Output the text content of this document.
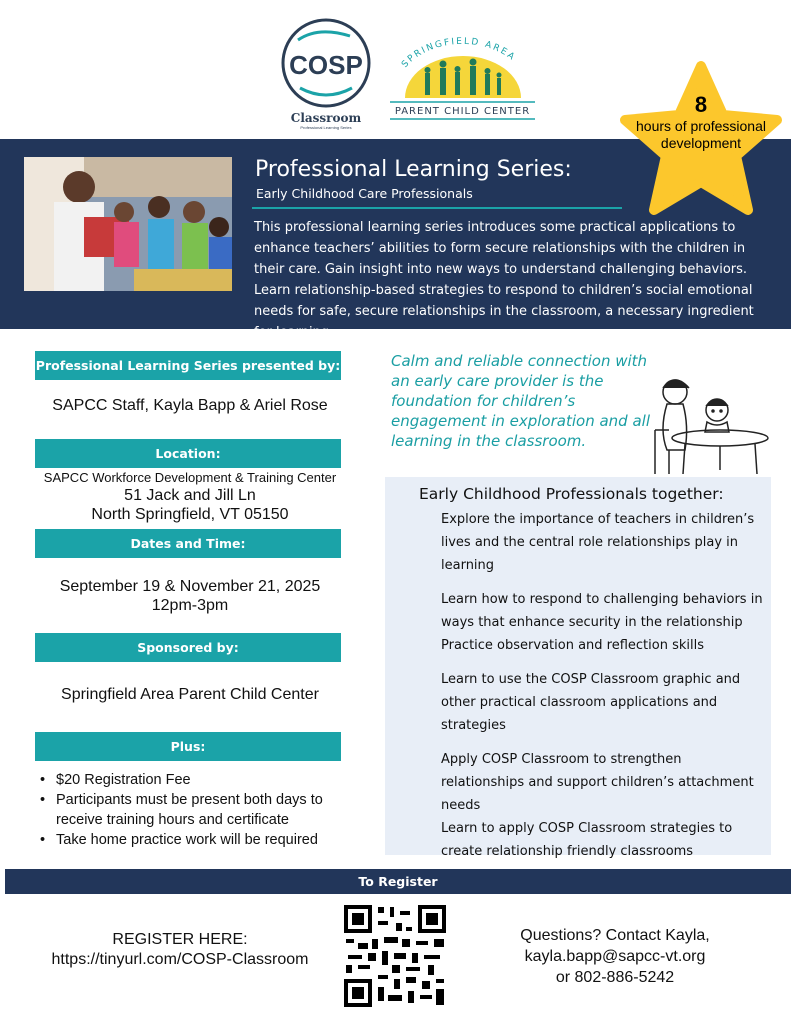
COSP
Classroom
Professional Learning Series
SPRINGFIELD AREA
PARENT CHILD CENTER
Professional Learning Series:
Early Childhood Care Professionals
This professional learning series introduces some practical applications to enhance teachers’ abilities to form secure relationships with the children in their care. Gain insight into new ways to understand challenging behaviors. Learn relationship-based strategies to respond to children’s social emotional needs for safe, secure relationships in the classroom, a necessary ingredient for learning.
8
hours of professional development
Professional Learning Series presented by:
SAPCC Staff, Kayla Bapp & Ariel Rose
Location:
SAPCC Workforce Development & Training Center
51 Jack and Jill Ln
North Springfield, VT 05150
Dates and Time:
September 19 & November 21, 2025
12pm-3pm
Sponsored by:
Springfield Area Parent Child Center
Plus:
• $20 Registration Fee
• Participants must be present both days to receive training hours and certificate
• Take home practice work will be required
Calm and reliable connection with an early care provider is the foundation for children’s engagement in exploration and all learning in the classroom.
Early Childhood Professionals together:
Explore the importance of teachers in children’s lives and the central role relationships play in learning
Learn how to respond to challenging behaviors in ways that enhance security in the relationship
Practice observation and reflection skills
Learn to use the COSP Classroom graphic and other practical classroom applications and strategies
Apply COSP Classroom to strengthen relationships and support children’s attachment needs
Learn to apply COSP Classroom strategies to create relationship friendly classrooms
To Register
REGISTER HERE:
https://tinyurl.com/COSP-Classroom
Questions? Contact Kayla,
kayla.bapp@sapcc-vt.org
or 802-886-5242
